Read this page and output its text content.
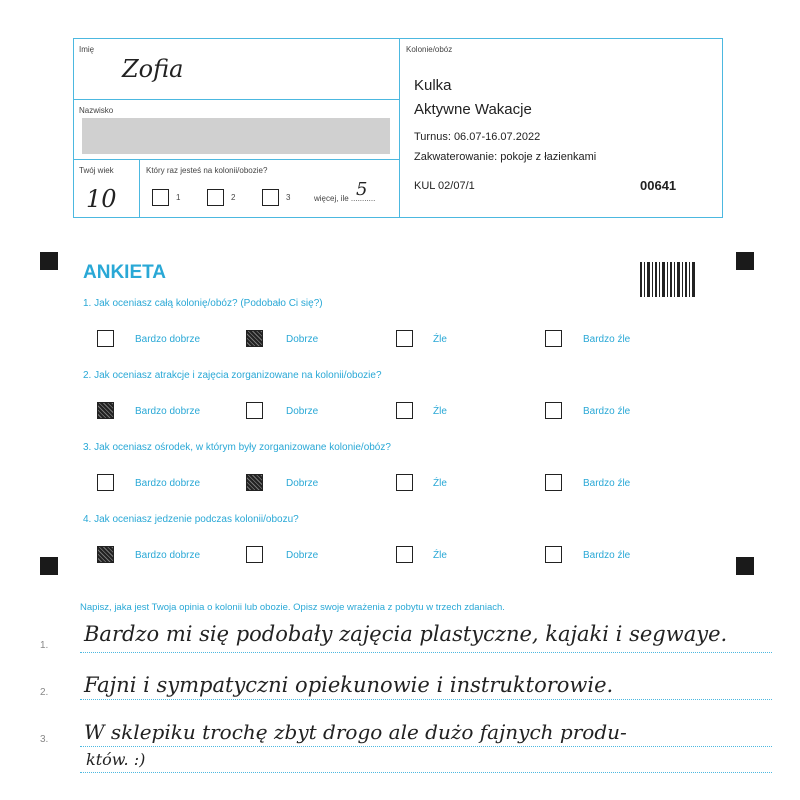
Imię
Zofia
Nazwisko
Twój wiek
10
Który raz jesteś na kolonii/obozie?
1	2	3	więcej, ile ...........
5
Kolonie/obóz
Kulka
Aktywne Wakacje
Turnus: 06.07-16.07.2022
Zakwaterowanie: pokoje z łazienkami
KUL 02/07/1	00641
ANKIETA
1. Jak oceniasz całą kolonię/obóz? (Podobało Ci się?)
Bardzo dobrze	Dobrze	Źle	Bardzo źle
2. Jak oceniasz atrakcje i zajęcia zorganizowane na kolonii/obozie?
Bardzo dobrze	Dobrze	Źle	Bardzo źle
3. Jak oceniasz ośrodek, w którym były zorganizowane kolonie/obóz?
Bardzo dobrze	Dobrze	Źle	Bardzo źle
4. Jak oceniasz jedzenie podczas kolonii/obozu?
Bardzo dobrze	Dobrze	Źle	Bardzo źle
Napisz, jaka jest Twoja opinia o kolonii lub obozie. Opisz swoje wrażenia z pobytu w trzech zdaniach.
1.
2.
3.
Bardzo mi się podobały zajęcia plastyczne, kajaki i segwaye.
Fajni i sympatyczni opiekunowie i instruktorowie.
W sklepiku trochę zbyt drogo ale dużo fajnych produ-
któw. :)
